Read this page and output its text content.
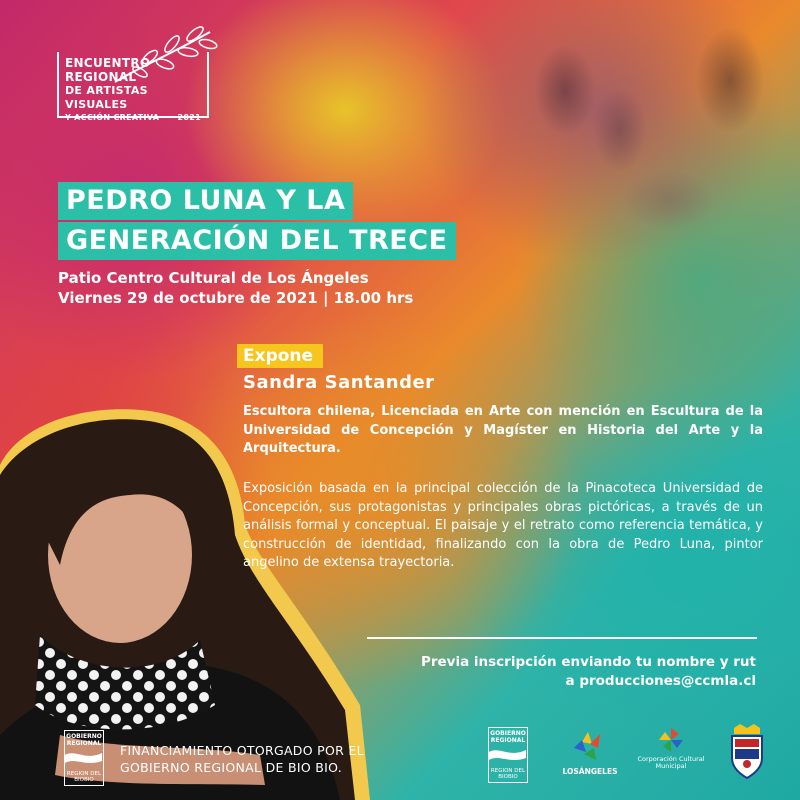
ENCUENTRO
REGIONAL
DE ARTISTAS VISUALES
Y ACCIÓN CREATIVA 2021
PEDRO LUNA Y LA
GENERACIÓN DEL TRECE
Patio Centro Cultural de Los Ángeles
Viernes 29 de octubre de 2021 | 18.00 hrs
Expone
Sandra Santander
Escultora chilena, Licenciada en Arte con mención en Escultura de la Universidad de Concepción y Magíster en Historia del Arte y la Arquitectura.
Exposición basada en la principal colección de la Pinacoteca Universidad de Concepción, sus protagonistas y principales obras pictóricas, a través de un análisis formal y conceptual. El paisaje y el retrato como referencia temática, y construcción de identidad, finalizando con la obra de Pedro Luna, pintor angelino de extensa trayectoria.
Previa inscripción enviando tu nombre y rut
a producciones@ccmla.cl
GOBIERNO REGIONAL
REGION DEL BIOBIO
FINANCIAMIENTO OTORGADO POR EL
GOBIERNO REGIONAL DE BIO BIO.
GOBIERNO REGIONAL
REGION DEL BIOBIO
LOSÁNGELES
Corporación Cultural Municipal
